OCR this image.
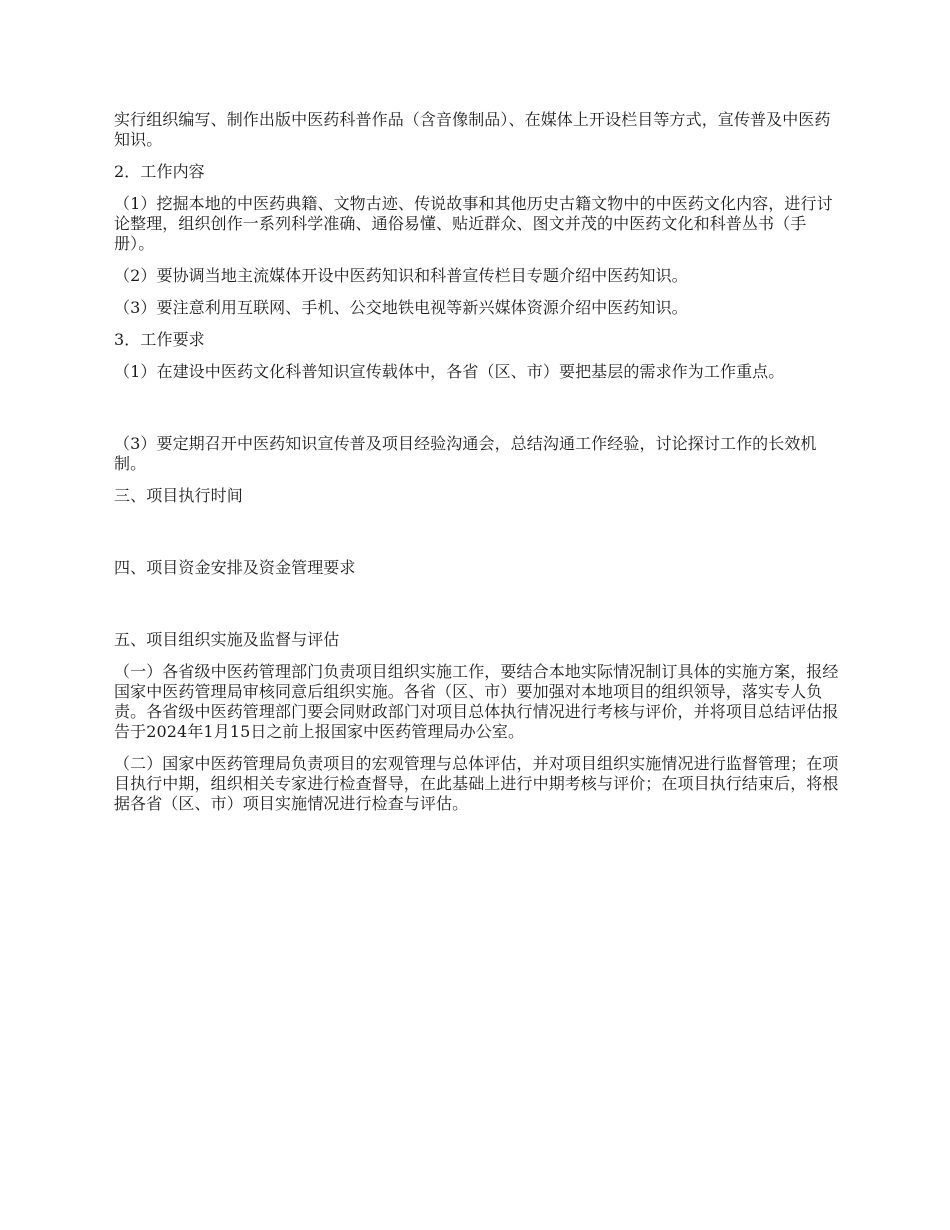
实行组织编写、制作出版中医药科普作品（含音像制品）、在媒体上开设栏目等方式，宣传普及中医药知识。

2．工作内容

（1）挖掘本地的中医药典籍、文物古迹、传说故事和其他历史古籍文物中的中医药文化内容，进行讨论整理，组织创作一系列科学准确、通俗易懂、贴近群众、图文并茂的中医药文化和科普丛书（手册）。

（2）要协调当地主流媒体开设中医药知识和科普宣传栏目专题介绍中医药知识。

（3）要注意利用互联网、手机、公交地铁电视等新兴媒体资源介绍中医药知识。

3．工作要求

（1）在建设中医药文化科普知识宣传载体中，各省（区、市）要把基层的需求作为工作重点。

（3）要定期召开中医药知识宣传普及项目经验沟通会，总结沟通工作经验，讨论探讨工作的长效机制。

三、项目执行时间

四、项目资金安排及资金管理要求

五、项目组织实施及监督与评估

（一）各省级中医药管理部门负责项目组织实施工作，要结合本地实际情况制订具体的实施方案，报经国家中医药管理局审核同意后组织实施。各省（区、市）要加强对本地项目的组织领导，落实专人负责。各省级中医药管理部门要会同财政部门对项目总体执行情况进行考核与评价，并将项目总结评估报告于2024年1月15日之前上报国家中医药管理局办公室。

（二）国家中医药管理局负责项目的宏观管理与总体评估，并对项目组织实施情况进行监督管理；在项目执行中期，组织相关专家进行检查督导，在此基础上进行中期考核与评价；在项目执行结束后，将根据各省（区、市）项目实施情况进行检查与评估。
